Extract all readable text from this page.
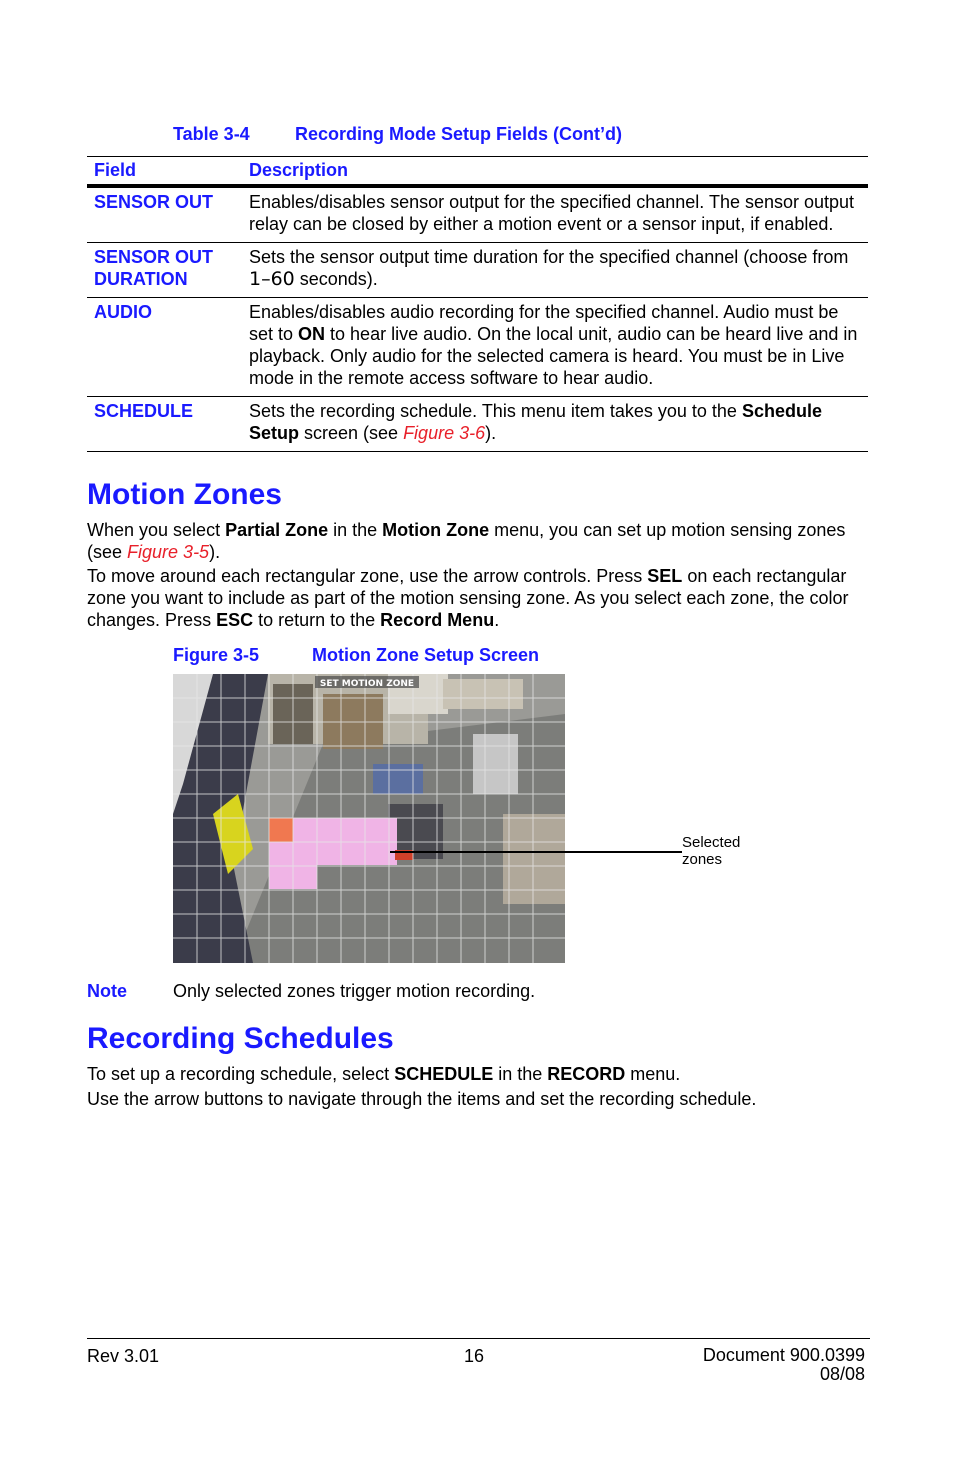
Table 3-4	Recording Mode Setup Fields (Cont’d)
Field	Description
SENSOR OUT	Enables/disables sensor output for the specified channel. The sensor output relay can be closed by either a motion event or a sensor input, if enabled.
SENSOR OUT
DURATION	Sets the sensor output time duration for the specified channel (choose from 1–60 seconds).
AUDIO	Enables/disables audio recording for the specified channel. Audio must be set to ON to hear live audio. On the local unit, audio can be heard live and in playback. Only audio for the selected camera is heard. You must be in Live mode in the remote access software to hear audio.
SCHEDULE	Sets the recording schedule. This menu item takes you to the Schedule Setup screen (see Figure 3-6).
Motion Zones

When you select Partial Zone in the Motion Zone menu, you can set up motion sensing zones (see Figure 3-5).

To move around each rectangular zone, use the arrow controls. Press SEL on each rectangular zone you want to include as part of the motion sensing zone. As you select each zone, the color changes. Press ESC to return to the Record Menu.

Figure 3-5	Motion Zone Setup Screen
SET MOTION ZONE
Selected
zones
Note	Only selected zones trigger motion recording.
Recording Schedules

To set up a recording schedule, select SCHEDULE in the RECORD menu.

Use the arrow buttons to navigate through the items and set the recording schedule.

Rev 3.01	16	Document 900.0399
08/08
